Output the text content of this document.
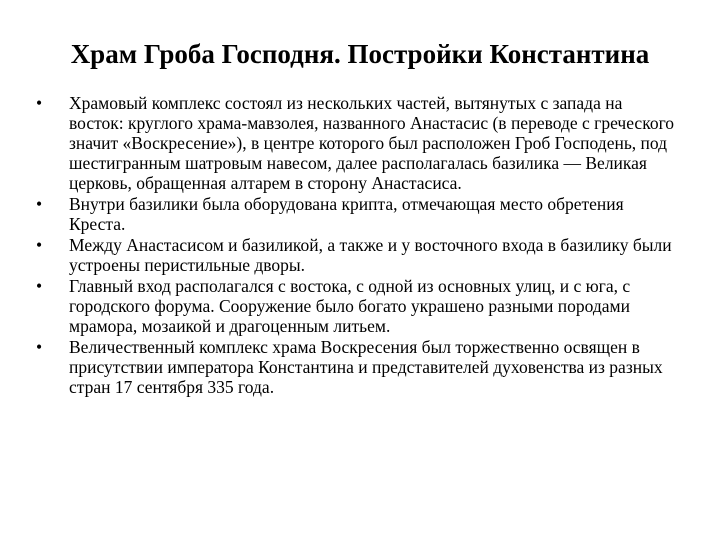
Храм Гроба Господня. Постройки Константина
•	Храмовый комплекс состоял из нескольких частей, вытянутых с запада на восток: круглого храма-мавзолея, названного Анастасис (в переводе с греческого значит «Воскресение»), в центре которого был расположен Гроб Господень, под шестигранным шатровым навесом, далее располагалась базилика — Великая церковь, обращенная алтарем в сторону Анастасиса.
•	Внутри базилики была оборудована крипта, отмечающая место обретения Креста.
•	Между Анастасисом и базиликой, а также и у восточного входа в базилику были устроены перистильные дворы.
•	Главный вход располагался с востока, с одной из основных улиц, и с юга, с городского форума. Сооружение было богато украшено разными породами мрамора, мозаикой и драгоценным литьем.
•	Величественный комплекс храма Воскресения был торжественно освящен в присутствии императора Константина и представителей духовенства из разных стран 17 сентября 335 года.
